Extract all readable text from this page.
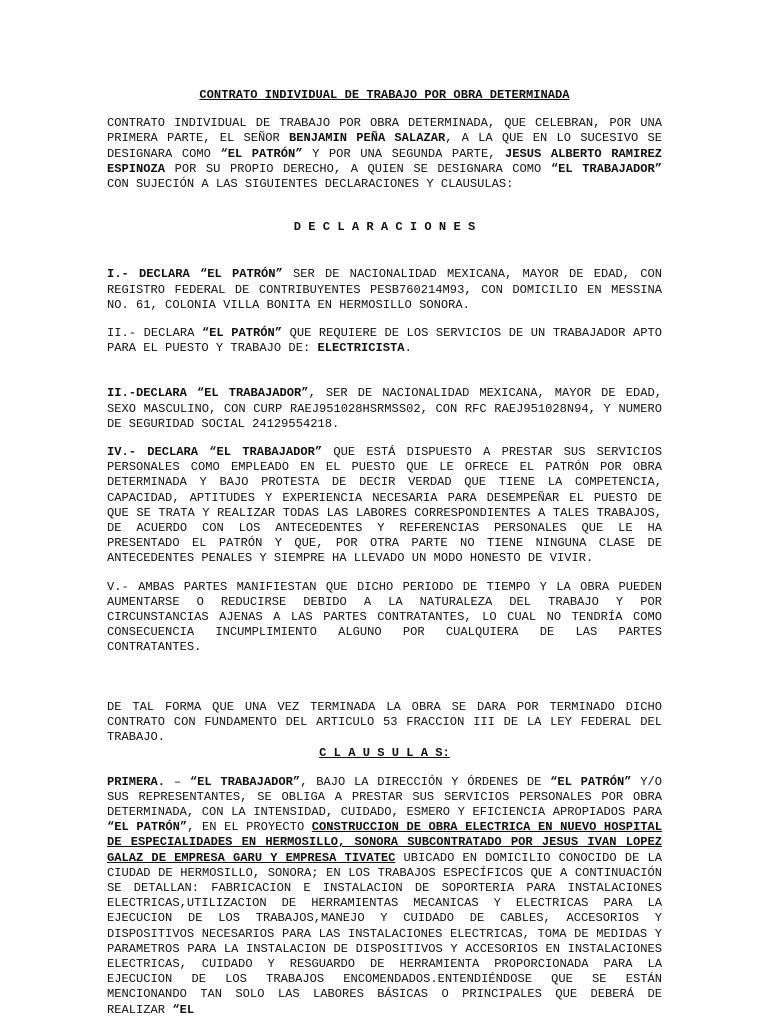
CONTRATO INDIVIDUAL DE TRABAJO POR OBRA DETERMINADA

CONTRATO INDIVIDUAL DE TRABAJO POR OBRA DETERMINADA, QUE CELEBRAN, POR UNA PRIMERA PARTE, EL SEÑOR BENJAMIN PEÑA SALAZAR, A LA QUE EN LO SUCESIVO SE DESIGNARA COMO “EL PATRÓN” Y POR UNA SEGUNDA PARTE, JESUS ALBERTO RAMIREZ ESPINOZA POR SU PROPIO DERECHO, A QUIEN SE DESIGNARA COMO “EL TRABAJADOR” CON SUJECIÓN A LAS SIGUIENTES DECLARACIONES Y CLAUSULAS:

D E C L A R A C I O N E S

I.- DECLARA “EL PATRÓN” SER DE NACIONALIDAD MEXICANA, MAYOR DE EDAD, CON REGISTRO FEDERAL DE CONTRIBUYENTES PESB760214M93, CON DOMICILIO EN MESSINA NO. 61, COLONIA VILLA BONITA EN HERMOSILLO SONORA.

II.- DECLARA “EL PATRÓN” QUE REQUIERE DE LOS SERVICIOS DE UN TRABAJADOR APTO PARA EL PUESTO Y TRABAJO DE: ELECTRICISTA.

II.-DECLARA “EL TRABAJADOR”, SER DE NACIONALIDAD MEXICANA, MAYOR DE EDAD, SEXO MASCULINO, CON CURP RAEJ951028HSRMSS02, CON RFC RAEJ951028N94, Y NUMERO DE SEGURIDAD SOCIAL 24129554218.

IV.- DECLARA “EL TRABAJADOR” QUE ESTÁ DISPUESTO A PRESTAR SUS SERVICIOS PERSONALES COMO EMPLEADO EN EL PUESTO QUE LE OFRECE EL PATRÓN POR OBRA DETERMINADA Y BAJO PROTESTA DE DECIR VERDAD QUE TIENE LA COMPETENCIA, CAPACIDAD, APTITUDES Y EXPERIENCIA NECESARIA PARA DESEMPEÑAR EL PUESTO DE QUE SE TRATA Y REALIZAR TODAS LAS LABORES CORRESPONDIENTES A TALES TRABAJOS, DE ACUERDO CON LOS ANTECEDENTES Y REFERENCIAS PERSONALES QUE LE HA PRESENTADO EL PATRÓN Y QUE, POR OTRA PARTE NO TIENE NINGUNA CLASE DE ANTECEDENTES PENALES Y SIEMPRE HA LLEVADO UN MODO HONESTO DE VIVIR.

V.- AMBAS PARTES MANIFIESTAN QUE DICHO PERIODO DE TIEMPO Y LA OBRA PUEDEN AUMENTARSE O REDUCIRSE DEBIDO A LA NATURALEZA DEL TRABAJO Y POR CIRCUNSTANCIAS AJENAS A LAS PARTES CONTRATANTES, LO CUAL NO TENDRÍA COMO CONSECUENCIA INCUMPLIMIENTO ALGUNO POR CUALQUIERA DE LAS PARTES CONTRATANTES.

DE TAL FORMA QUE UNA VEZ TERMINADA LA OBRA SE DARA POR TERMINADO DICHO CONTRATO CON FUNDAMENTO DEL ARTICULO 53 FRACCION III DE LA LEY FEDERAL DEL TRABAJO.

C L A U S U L A S:

PRIMERA. – “EL TRABAJADOR”, BAJO LA DIRECCIÓN Y ÓRDENES DE “EL PATRÓN” Y/O SUS REPRESENTANTES, SE OBLIGA A PRESTAR SUS SERVICIOS PERSONALES POR OBRA DETERMINADA, CON LA INTENSIDAD, CUIDADO, ESMERO Y EFICIENCIA APROPIADOS PARA “EL PATRÓN”, EN EL PROYECTO CONSTRUCCION DE OBRA ELECTRICA EN NUEVO HOSPITAL DE ESPECIALIDADES EN HERMOSILLO, SONORA SUBCONTRATADO POR JESUS IVAN LOPEZ GALAZ DE EMPRESA GARU Y EMPRESA TIVATEC UBICADO EN DOMICILIO CONOCIDO DE LA CIUDAD DE HERMOSILLO, SONORA; EN LOS TRABAJOS ESPECÍFICOS QUE A CONTINUACIÓN SE DETALLAN: FABRICACION E INSTALACION DE SOPORTERIA PARA INSTALACIONES ELECTRICAS,UTILIZACION DE HERRAMIENTAS MECANICAS Y ELECTRICAS PARA LA EJECUCION DE LOS TRABAJOS,MANEJO Y CUIDADO DE CABLES, ACCESORIOS Y DISPOSITIVOS NECESARIOS PARA LAS INSTALACIONES ELECTRICAS, TOMA DE MEDIDAS Y PARAMETROS PARA LA INSTALACION DE DISPOSITIVOS Y ACCESORIOS EN INSTALACIONES ELECTRICAS, CUIDADO Y RESGUARDO DE HERRAMIENTA PROPORCIONADA PARA LA EJECUCION DE LOS TRABAJOS ENCOMENDADOS.ENTENDIÉNDOSE QUE SE ESTÁN MENCIONANDO TAN SOLO LAS LABORES BÁSICAS O PRINCIPALES QUE DEBERÁ DE REALIZAR “EL
